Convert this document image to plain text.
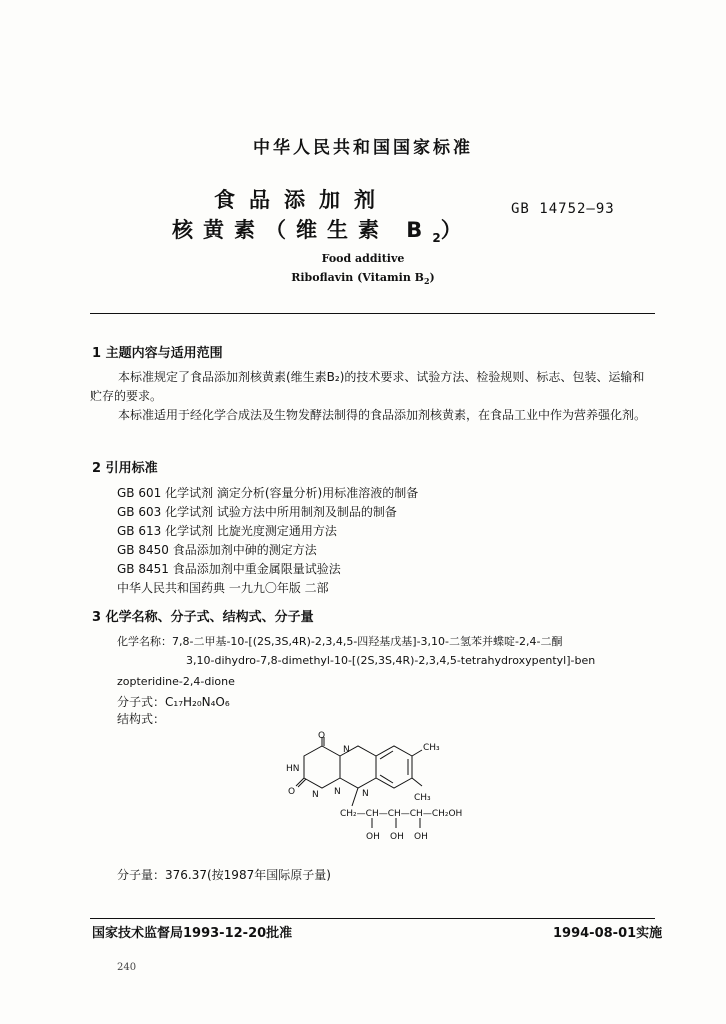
中华人民共和国国家标准
食品添加剂
核黄素（维生素 $B_2$）
GB 14752—93
Food additive
Riboflavin (Vitamin $B_2$)
1 主题内容与适用范围
本标准规定了食品添加剂核黄素(维生素B₂)的技术要求、试验方法、检验规则、标志、包装、运输和贮存的要求。
本标准适用于经化学合成法及生物发酵法制得的食品添加剂核黄素，在食品工业中作为营养强化剂。
2 引用标准
GB 601 化学试剂 滴定分析(容量分析)用标准溶液的制备
GB 603 化学试剂 试验方法中所用制剂及制品的制备
GB 613 化学试剂 比旋光度测定通用方法
GB 8450 食品添加剂中砷的测定方法
GB 8451 食品添加剂中重金属限量试验法
中华人民共和国药典 一九九〇年版 二部
3 化学名称、分子式、结构式、分子量
化学名称：7,8-二甲基-10-[(2S,3S,4R)-2,3,4,5-四羟基戊基]-3,10-二氢苯并蝶啶-2,4-二酮
3,10-dihydro-7,8-dimethyl-10-[(2S,3S,4R)-2,3,4,5-tetrahydroxypentyl]-ben
zopteridine-2,4-dione
分子式：C₁₇H₂₀N₄O₆
结构式：
O
O
HN
N
N N N
CH₃
CH₃
CH₂—CH—CH—CH—CH₂OH
OH OH OH
分子量：376.37(按1987年国际原子量)
国家技术监督局1993-12-20批准	1994-08-01实施
240
